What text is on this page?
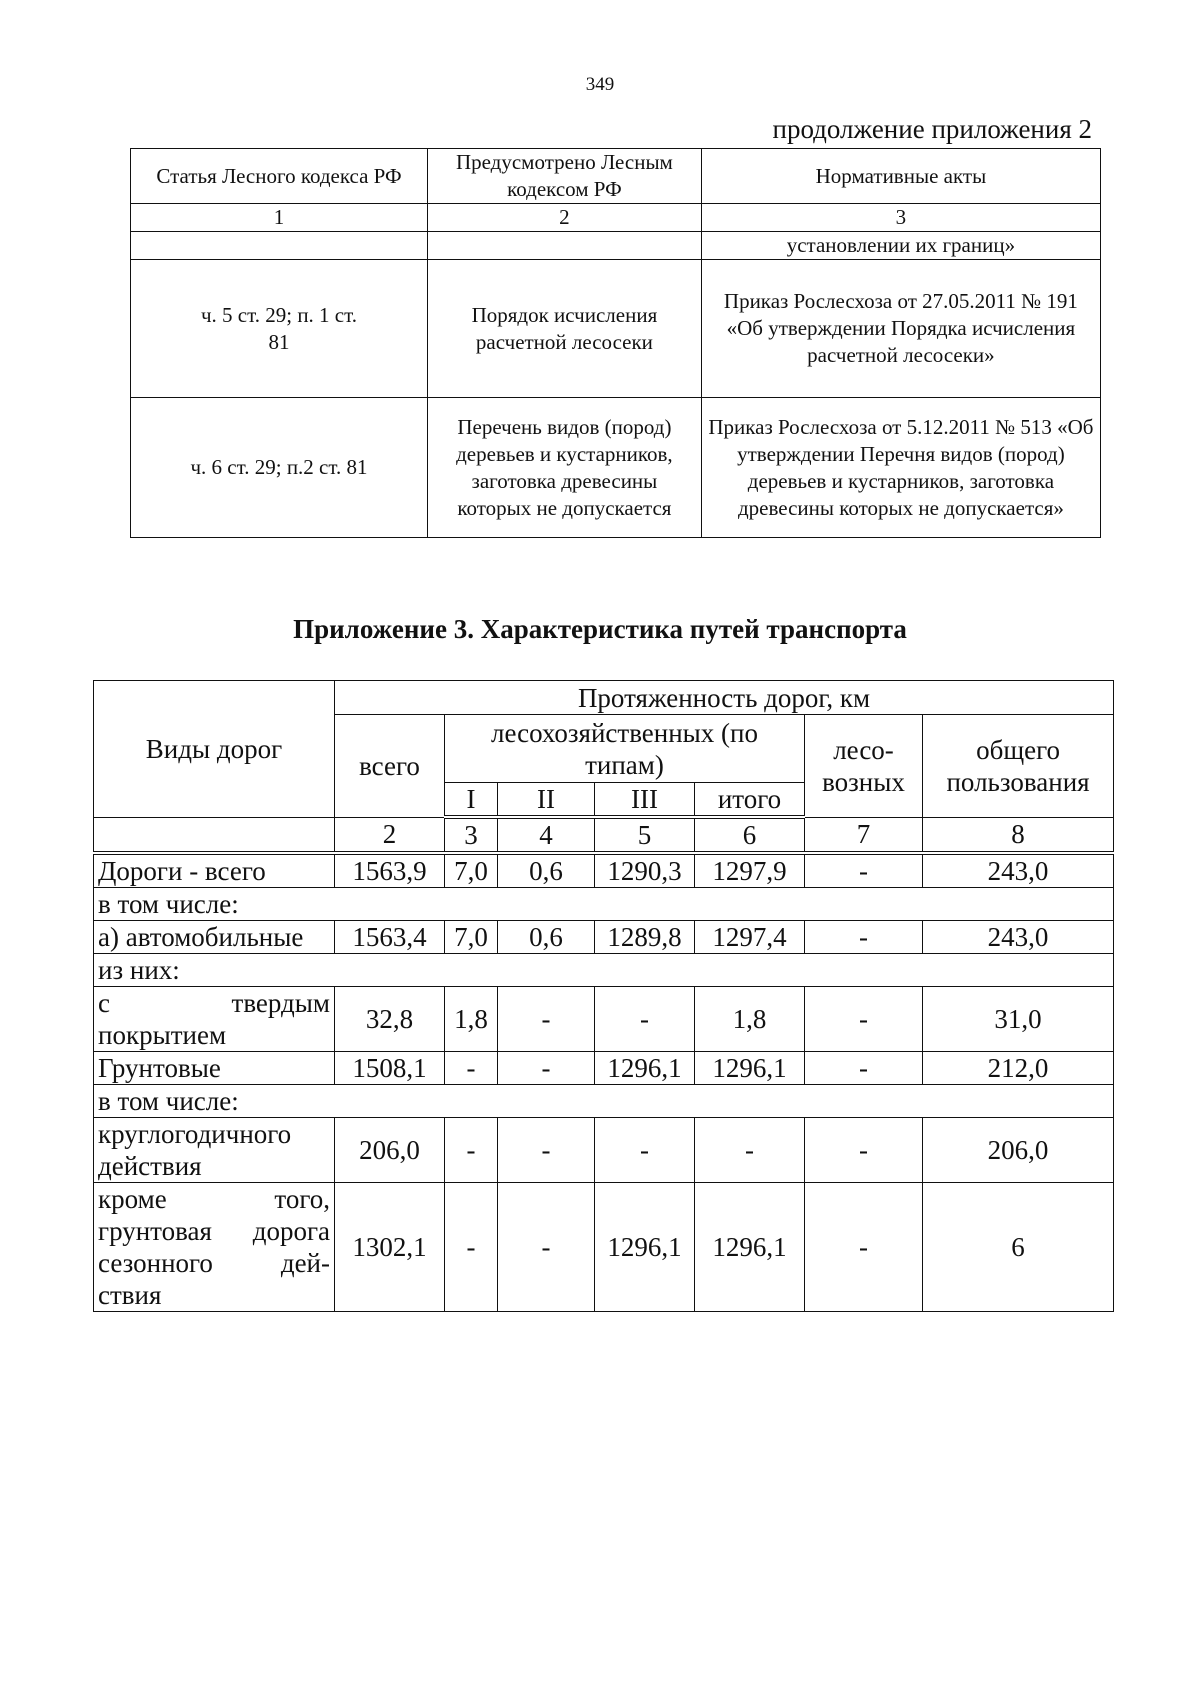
349
продолжение приложения 2
Статья Лесного кодекса РФ	Предусмотрено Лесным кодексом РФ	Нормативные акты
1	2	3
		установлении их границ»
ч. 5 ст. 29; п. 1 ст. 81	Порядок исчисления расчетной лесосеки	Приказ Рослесхоза от 27.05.2011 № 191 «Об утверждении Порядка исчисления расчетной лесосеки»
ч. 6 ст. 29; п.2 ст. 81	Перечень видов (пород) деревьев и кустарников, заготовка древесины которых не допускается	Приказ Рослесхоза от 5.12.2011 № 513 «Об утверждении Перечня видов (пород) деревьев и кустарников, заготовка древесины которых не допускается»
Приложение 3. Характеристика путей транспорта
Виды дорог	Протяженность дорог, км						
	всего	лесохозяйственных (по типам)				лесо-возных	общего пользования
		I	II	III	итого		
	2	3	4	5	6	7	8
Дороги - всего	1563,9	7,0	0,6	1290,3	1297,9	-	243,0
в том числе:							
а) автомобильные	1563,4	7,0	0,6	1289,8	1297,4	-	243,0
из них:							
с твердым покрытием	32,8	1,8	-	-	1,8	-	31,0
Грунтовые	1508,1	-	-	1296,1	1296,1	-	212,0
в том числе:							
круглогодичного действия	206,0	-	-	-	-	-	206,0
кроме того, грунтовая дорога сезонного дей-ствия	1302,1	-	-	1296,1	1296,1	-	6
